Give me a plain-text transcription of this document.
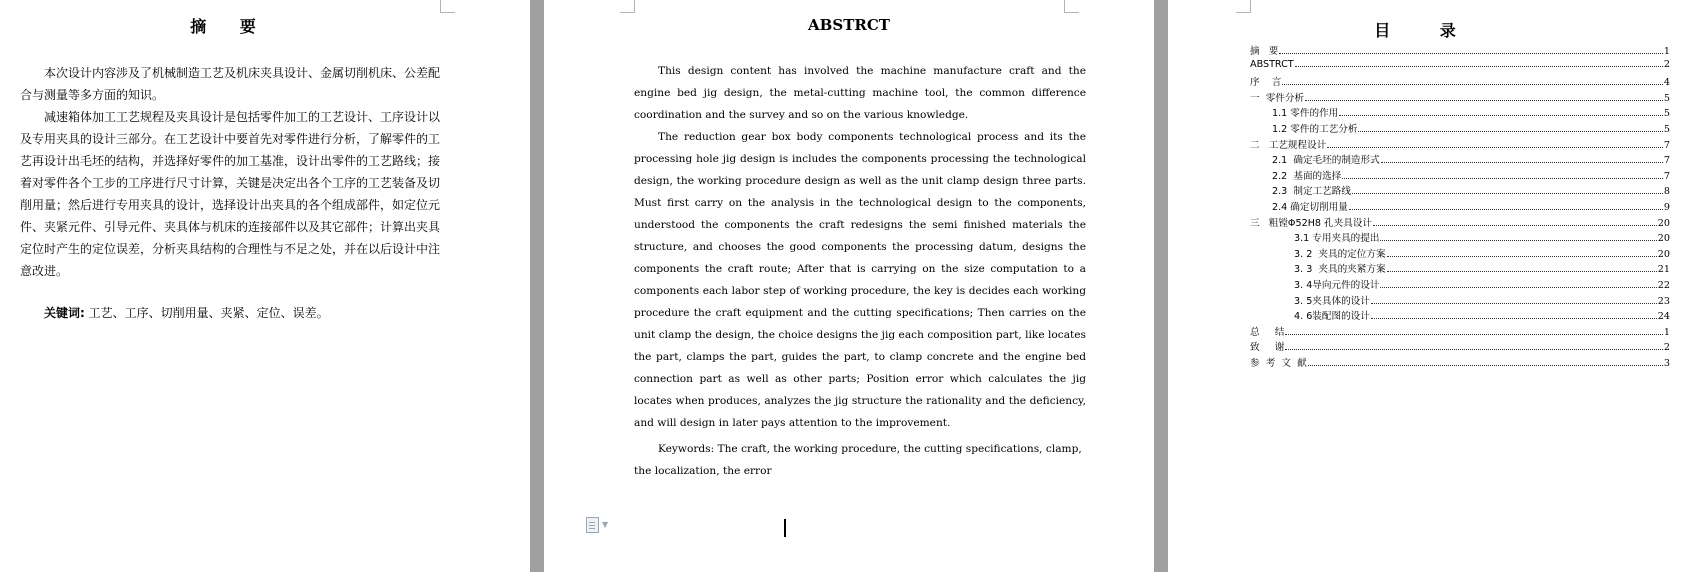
摘 要
本次设计内容涉及了机械制造工艺及机床夹具设计、金属切削机床、公差配合与测量等多方面的知识。
减速箱体加工工艺规程及夹具设计是包括零件加工的工艺设计、工序设计以及专用夹具的设计三部分。在工艺设计中要首先对零件进行分析，了解零件的工艺再设计出毛坯的结构，并选择好零件的加工基准，设计出零件的工艺路线；接着对零件各个工步的工序进行尺寸计算，关键是决定出各个工序的工艺装备及切削用量；然后进行专用夹具的设计，选择设计出夹具的各个组成部件，如定位元件、夹紧元件、引导元件、夹具体与机床的连接部件以及其它部件；计算出夹具定位时产生的定位误差，分析夹具结构的合理性与不足之处，并在以后设计中注意改进。
关键词: 工艺、工序、切削用量、夹紧、定位、误差。
ABSTRCT
This design content has involved the machine manufacture craft and the engine bed jig design, the metal-cutting machine tool, the common difference coordination and the survey and so on the various knowledge.
The reduction gear box body components technological process and its the processing hole jig design is includes the components processing the technological design, the working procedure design as well as the unit clamp design three parts. Must first carry on the analysis in the technological design to the components, understood the components the craft redesigns the semi finished materials the structure, and chooses the good components the processing datum, designs the components the craft route; After that is carrying on the size computation to a components each labor step of working procedure, the key is decides each working procedure the craft equipment and the cutting specifications; Then carries on the unit clamp the design, the choice designs the jig each composition part, like locates the part, clamps the part, guides the part, to clamp concrete and the engine bed connection part as well as other parts; Position error which calculates the jig locates when produces, analyzes the jig structure the rationality and the deficiency, and will design in later pays attention to the improvement.
Keywords: The craft, the working procedure, the cutting specifications, clamp,
the localization, the error
▼
目 录
摘   要	1
ABSTRCT	2
序    言	4
一  零件分析	5
1.1 零件的作用	5
1.2 零件的工艺分析	5
二   工艺规程设计	7
2.1  确定毛坯的制造形式	7
2.2  基面的选择	7
2.3  制定工艺路线	8
2.4 确定切削用量	9
三   粗镗Φ52H8 孔夹具设计	20
3.1 专用夹具的提出	20
3. 2  夹具的定位方案	20
3. 3  夹具的夹紧方案	21
3. 4导向元件的设计	22
3. 5夹具体的设计	23
4. 6装配图的设计	24
总     结	1
致     谢	2
参  考  文  献	3
